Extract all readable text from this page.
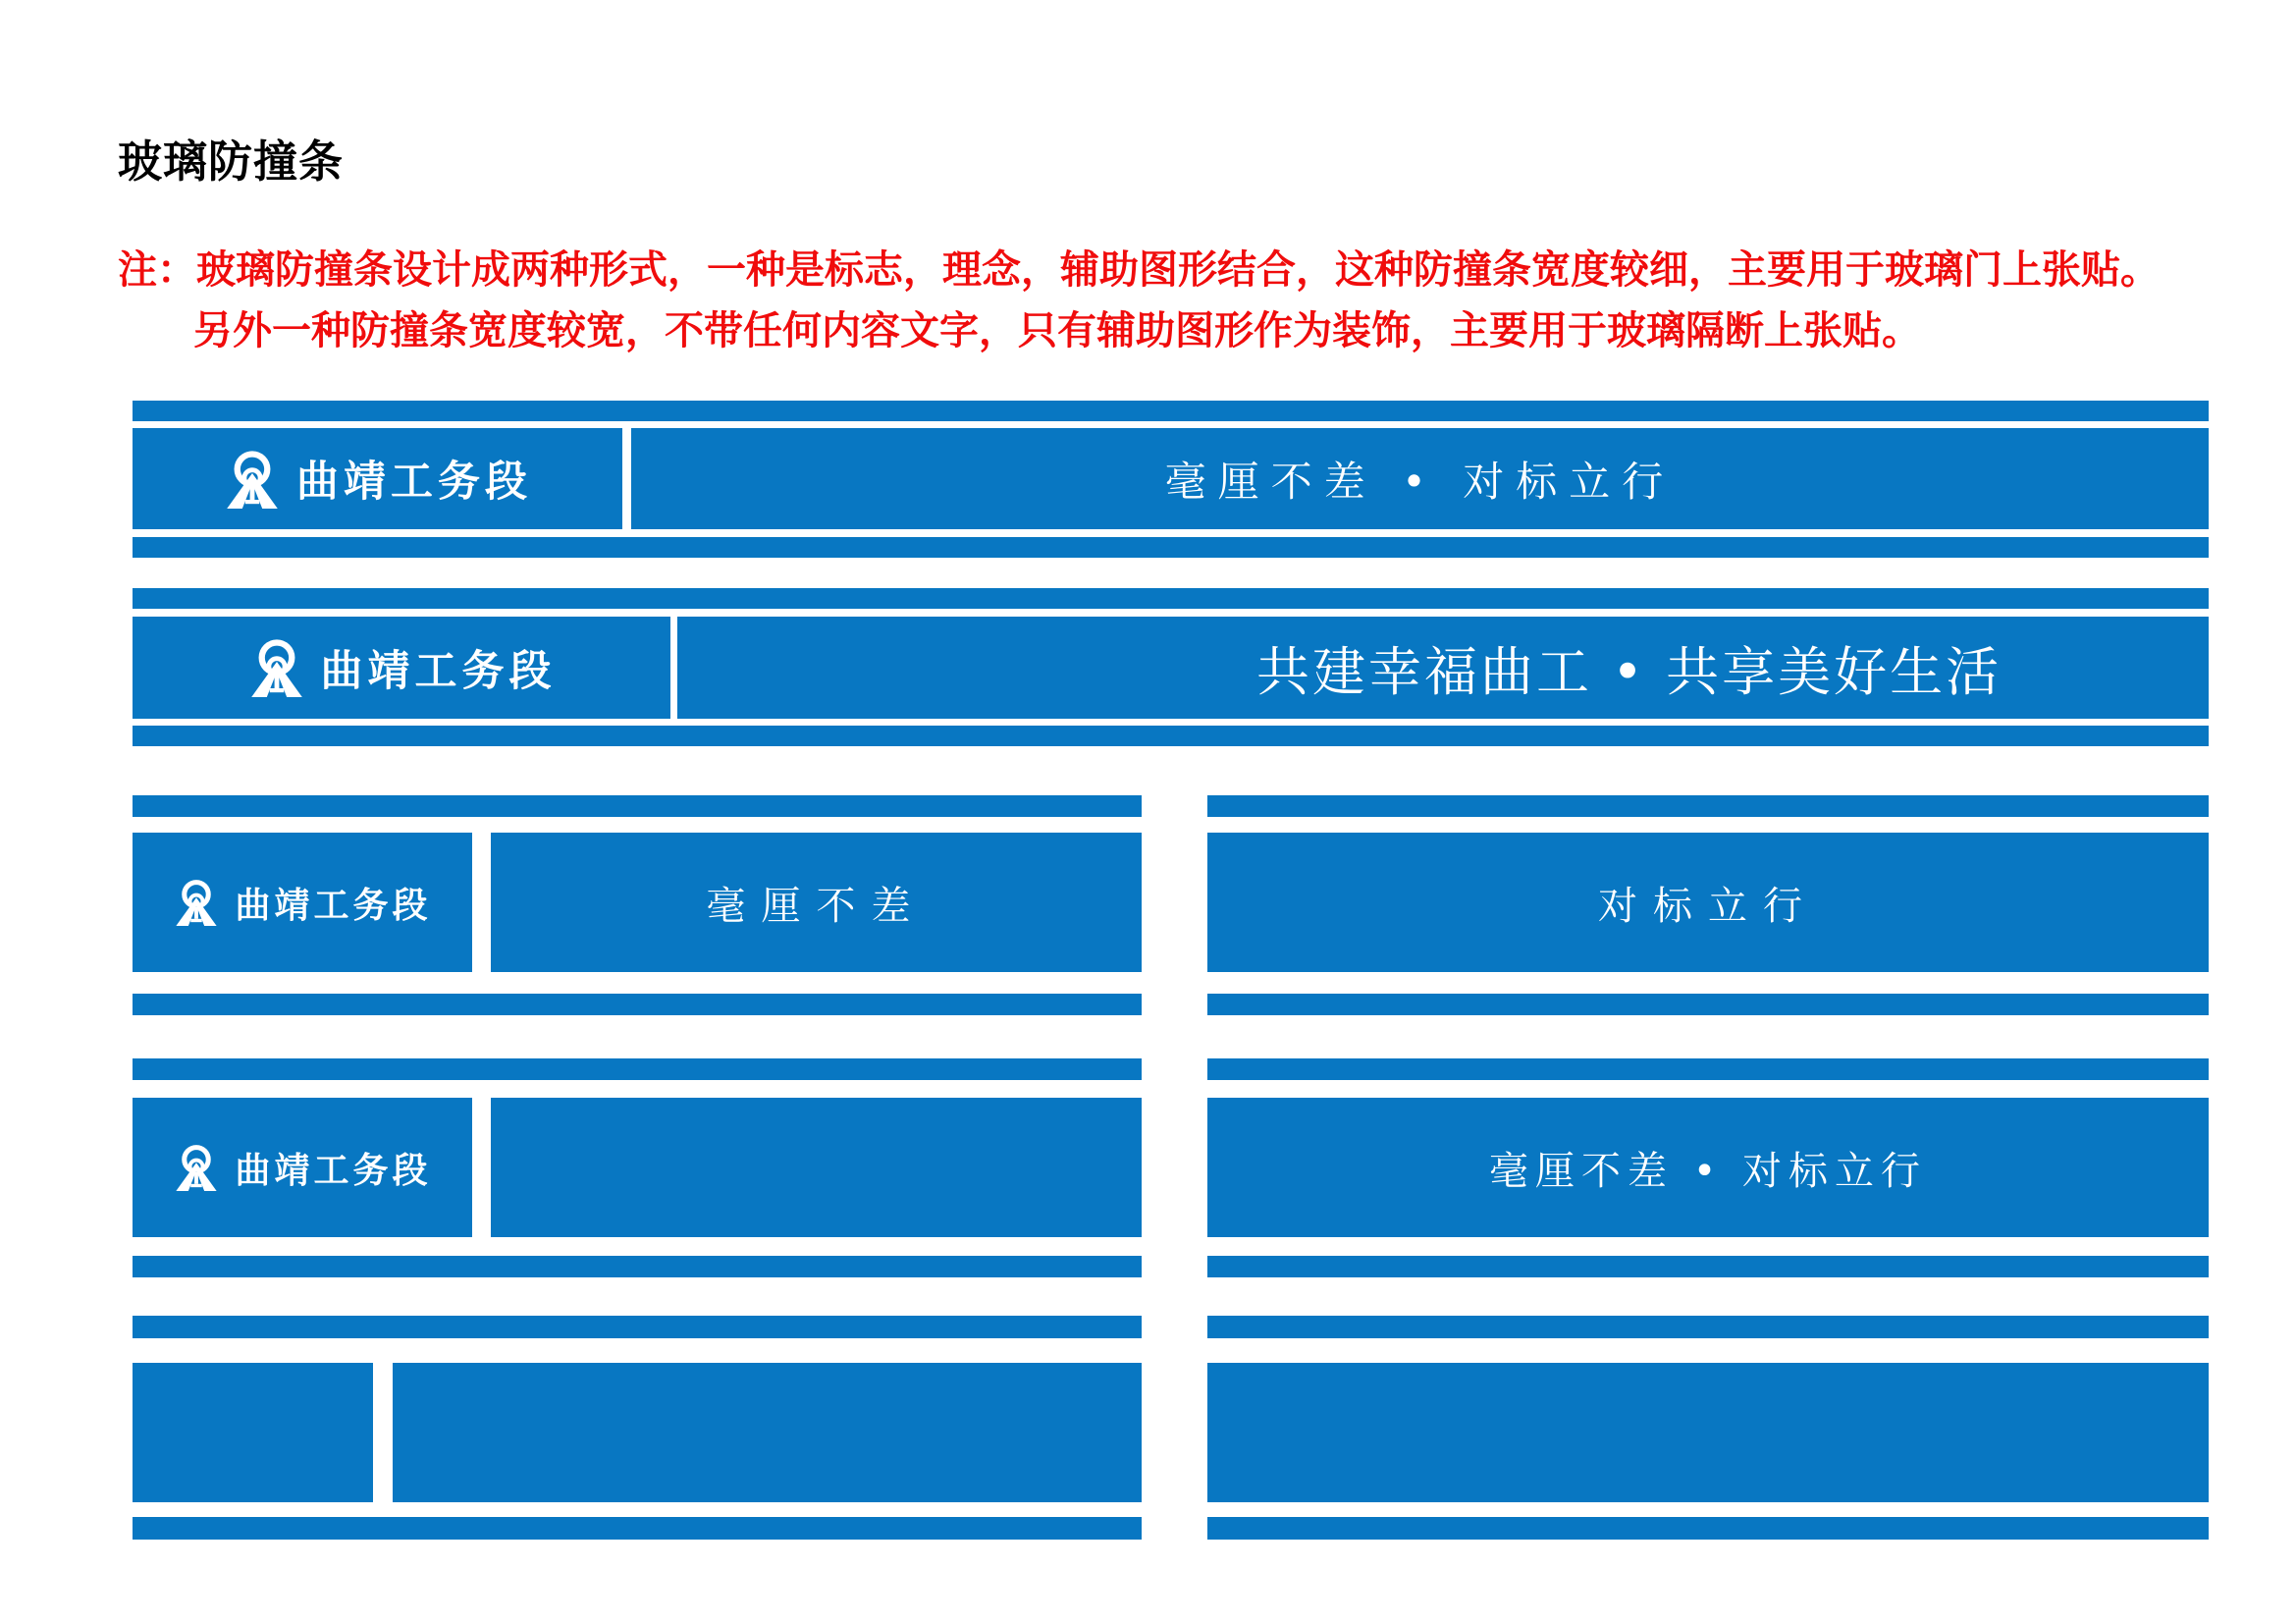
玻璃防撞条
注：玻璃防撞条设计成两种形式，一种是标志，理念，辅助图形结合，这种防撞条宽度较细，主要用于玻璃门上张贴。
另外一种防撞条宽度较宽，不带任何内容文字，只有辅助图形作为装饰，主要用于玻璃隔断上张贴。
曲靖工务段	毫厘不差 • 对标立行
曲靖工务段	共建幸福曲工 • 共享美好生活
曲靖工务段	毫厘不差	对标立行
曲靖工务段	毫厘不差 • 对标立行
